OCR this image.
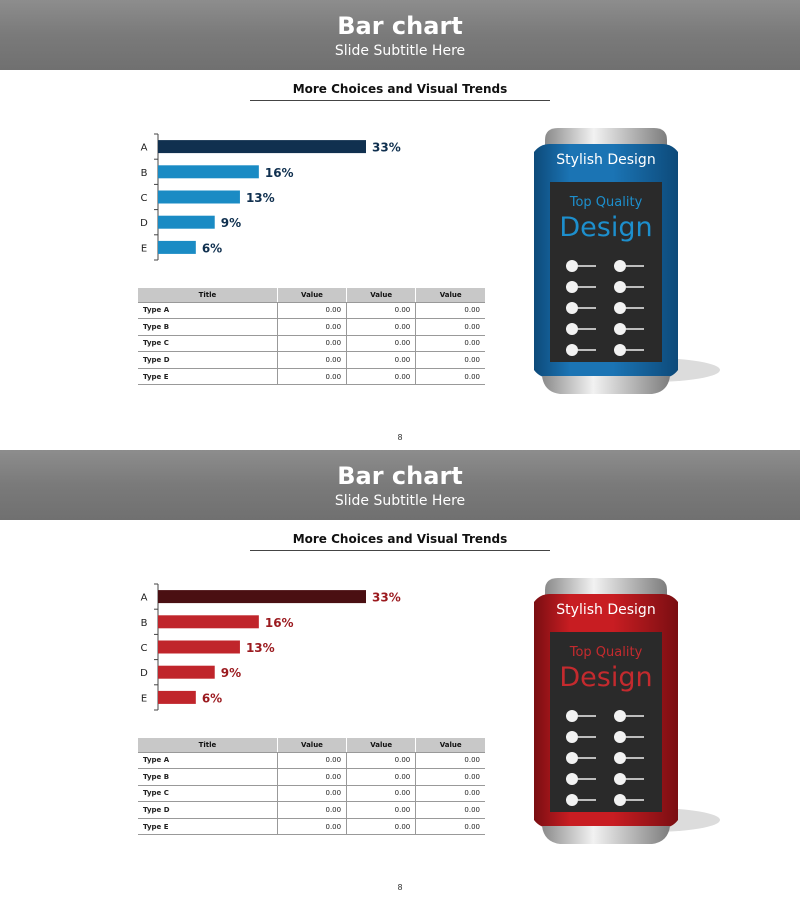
Bar chart
Slide Subtitle Here
More Choices and Visual Trends
A	33%
B	16%
C	13%
D	9%
E	6%
Title	Value	Value	Value
Type A	0.00	0.00	0.00
Type B	0.00	0.00	0.00
Type C	0.00	0.00	0.00
Type D	0.00	0.00	0.00
Type E	0.00	0.00	0.00
Stylish Design
Top Quality
Design
8
Bar chart
Slide Subtitle Here
More Choices and Visual Trends
A	33%
B	16%
C	13%
D	9%
E	6%
Title	Value	Value	Value
Type A	0.00	0.00	0.00
Type B	0.00	0.00	0.00
Type C	0.00	0.00	0.00
Type D	0.00	0.00	0.00
Type E	0.00	0.00	0.00
Stylish Design
Top Quality
Design
8
